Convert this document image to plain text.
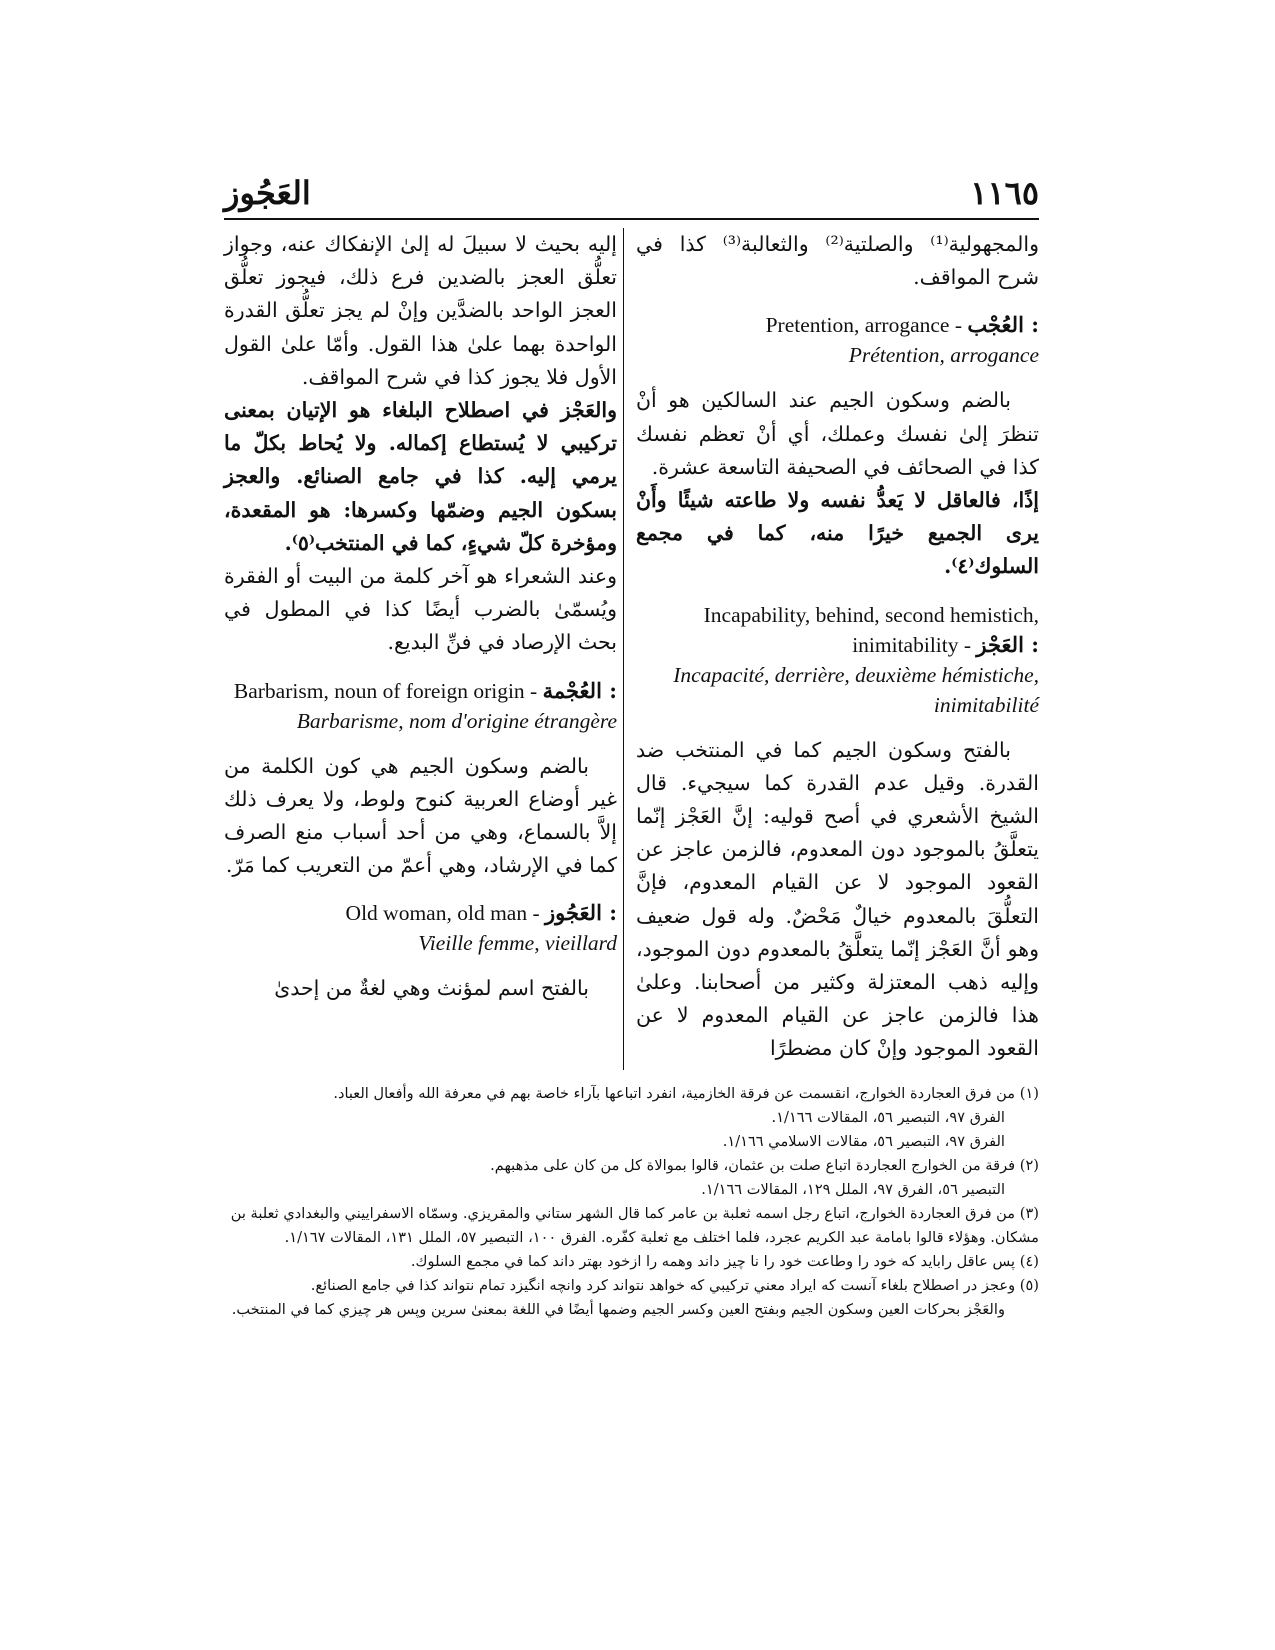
العَجُوز	١١٦٥

والمجهولية⁽¹⁾ والصلتية⁽²⁾ والثعالبة⁽³⁾ كذا في شرح المواقف.

Pretention, arrogance - العُجْب :
Prétention, arrogance

بالضم وسكون الجيم عند السالكين هو أنْ تنظرَ إلىٰ نفسك وعملك، أي أنْ تعظم نفسك كذا في الصحائف في الصحيفة التاسعة عشرة.

إذًا، فالعاقل لا يَعدُّ نفسه ولا طاعته شيئًا وأَنْ يرى الجميع خيرًا منه، كما في مجمع السلوك⁽٤⁾.

Incapability, behind, second hemistich, inimitability - العَجْز :
Incapacité, derrière, deuxième hémistiche, inimitabilité

بالفتح وسكون الجيم كما في المنتخب ضد القدرة. وقيل عدم القدرة كما سيجيء. قال الشيخ الأشعري في أصح قوليه: إنَّ العَجْز إنّما يتعلَّقُ بالموجود دون المعدوم، فالزمن عاجز عن القعود الموجود لا عن القيام المعدوم، فإنَّ التعلُّقَ بالمعدوم خيالٌ مَحْضٌ. وله قول ضعيف وهو أنَّ العَجْز إنّما يتعلَّقُ بالمعدوم دون الموجود، وإليه ذهب المعتزلة وكثير من أصحابنا. وعلىٰ هذا فالزمن عاجز عن القيام المعدوم لا عن القعود الموجود وإنْ كان مضطرًا

إليه بحيث لا سبيلَ له إلىٰ الإنفكاك عنه، وجواز تعلُّق العجز بالضدين فرع ذلك، فيجوز تعلُّق العجز الواحد بالضدَّين وإنْ لم يجز تعلُّق القدرة الواحدة بهما علىٰ هذا القول. وأمّا علىٰ القول الأول فلا يجوز كذا في شرح المواقف.

والعَجْز في اصطلاح البلغاء هو الإتيان بمعنى تركيبي لا يُستطاع إكماله. ولا يُحاط بكلّ ما يرمي إليه. كذا في جامع الصنائع. والعجز بسكون الجيم وضمّها وكسرها: هو المقعدة، ومؤخرة كلّ شيءٍ، كما في المنتخب⁽٥⁾.

وعند الشعراء هو آخر كلمة من البيت أو الفقرة ويُسمّىٰ بالضرب أيضًا كذا في المطول في بحث الإرصاد في فنِّ البديع.

Barbarism, noun of foreign origin - العُجْمة :
Barbarisme, nom d'origine étrangère

بالضم وسكون الجيم هي كون الكلمة من غير أوضاع العربية كنوح ولوط، ولا يعرف ذلك إلاَّ بالسماع، وهي من أحد أسباب منع الصرف كما في الإرشاد، وهي أعمّ من التعريب كما مَرّ.

Old woman, old man - العَجُوز :
Vieille femme, vieillard

بالفتح اسم لمؤنث وهي لغةٌ من إحدىٰ

(١) من فرق العجاردة الخوارج، انقسمت عن فرقة الخازمية، انفرد اتباعها بآراء خاصة بهم في معرفة الله وأفعال العباد.

الفرق ٩٧، التبصير ٥٦، المقالات ١/١٦٦.

الفرق ٩٧، التبصير ٥٦، مقالات الاسلامي ١/١٦٦.

(٢) فرقة من الخوارج العجاردة اتباع صلت بن عثمان، قالوا بموالاة كل من كان على مذهبهم.

التبصير ٥٦، الفرق ٩٧، الملل ١٢٩، المقالات ١/١٦٦.

(٣) من فرق العجاردة الخوارج، اتباع رجل اسمه ثعلبة بن عامر كما قال الشهر ستاني والمقريزي. وسمّاه الاسفراييني والبغدادي ثعلبة بن مشكان. وهؤلاء قالوا بامامة عبد الكريم عجرد، فلما اختلف مع ثعلبة كفّره. الفرق ١٠٠، التبصير ٥٧، الملل ١٣١، المقالات ١/١٦٧.

(٤) پس عاقل رابايد كه خود را وطاعت خود را نا چيز داند وهمه را ازخود بهتر داند كما في مجمع السلوك.

(٥) وعجز در اصطلاح بلغاء آنست كه ايراد معني تركيبي كه خواهد نتواند كرد وانچه انگيزد تمام نتواند كذا في جامع الصنائع.

والعَجْز بحركات العين وسكون الجيم وبفتح العين وكسر الجيم وضمها أيضًا في اللغة بمعنىٰ سرين وپس هر چيزي كما في المنتخب.
